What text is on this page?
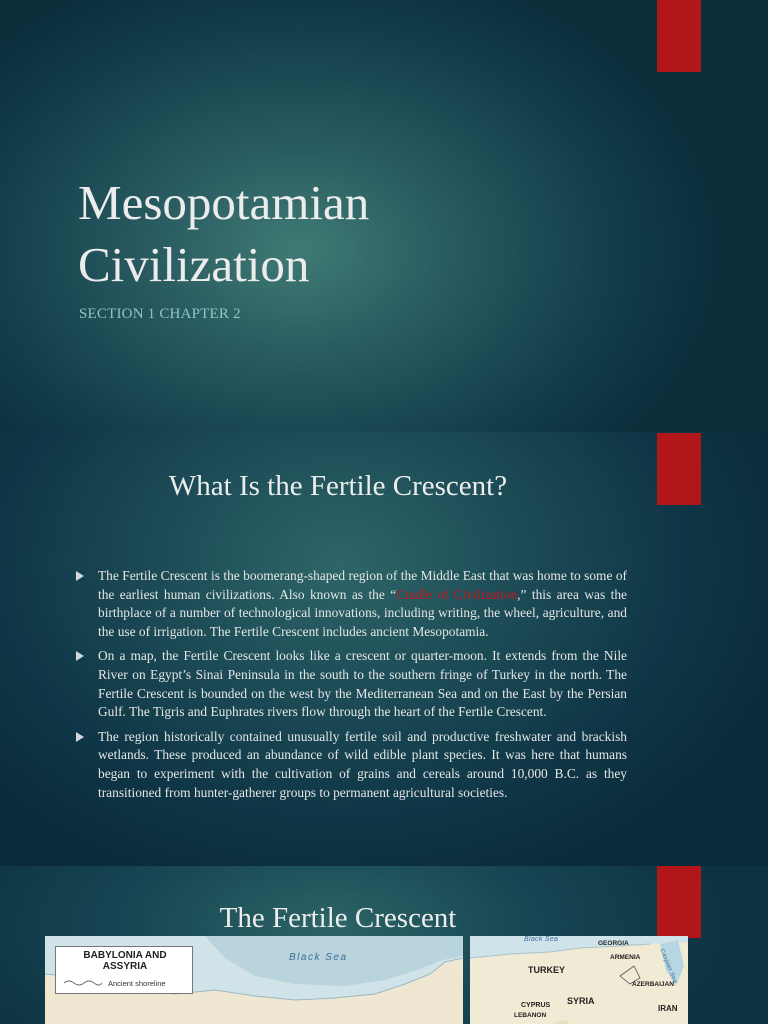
Mesopotamian
Civilization
SECTION 1 CHAPTER 2
What Is the Fertile Crescent?
The Fertile Crescent is the boomerang-shaped region of the Middle East that was home to some of the earliest human civilizations. Also known as the “Cradle of Civilization,” this area was the birthplace of a number of technological innovations, including writing, the wheel, agriculture, and the use of irrigation. The Fertile Crescent includes ancient Mesopotamia.
On a map, the Fertile Crescent looks like a crescent or quarter-moon. It extends from the Nile River on Egypt’s Sinai Peninsula in the south to the southern fringe of Turkey in the north. The Fertile Crescent is bounded on the west by the Mediterranean Sea and on the East by the Persian Gulf. The Tigris and Euphrates rivers flow through the heart of the Fertile Crescent.
The region historically contained unusually fertile soil and productive freshwater and brackish wetlands. These produced an abundance of wild edible plant species. It was here that humans began to experiment with the cultivation of grains and cereals around 10,000 B.C. as they transitioned from hunter-gatherer groups to permanent agricultural societies.
The Fertile Crescent
BABYLONIA AND ASSYRIA
Ancient shoreline
Black Sea
Black Sea
GEORGIA
Caspian Sea
ARMENIA
TURKEY
AZERBAIJAN
CYPRUS SYRIA
LEBANON
IRAN
